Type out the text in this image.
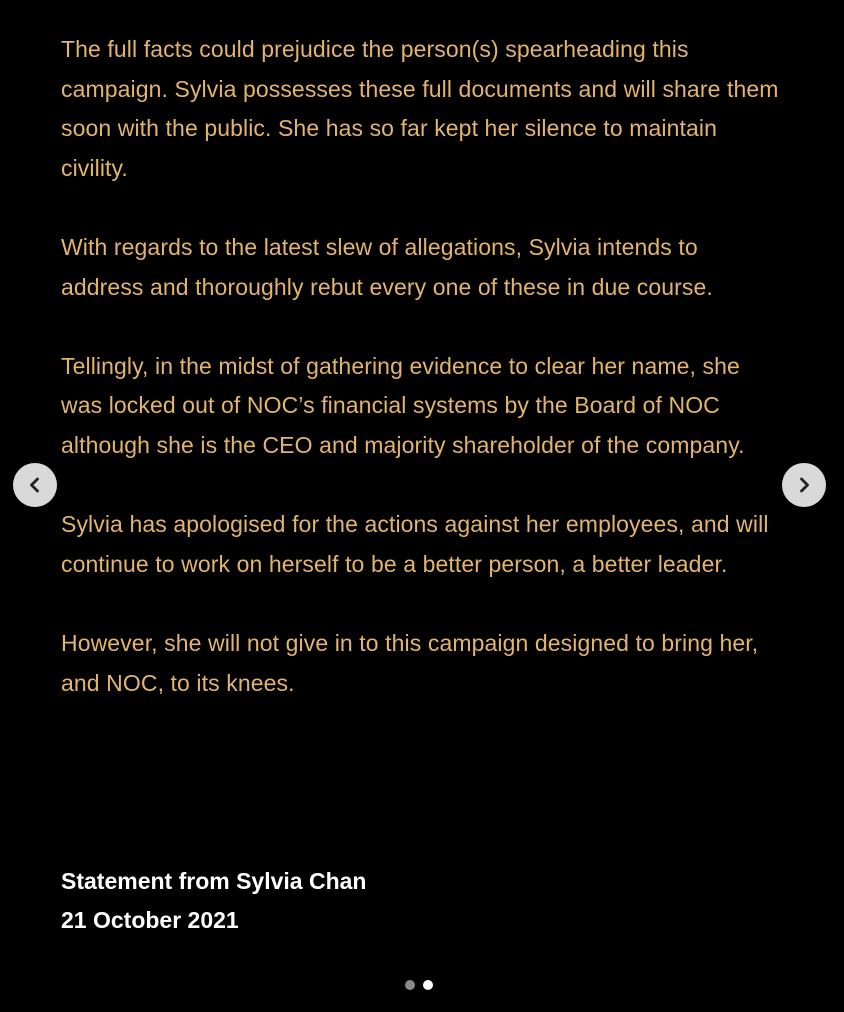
The full facts could prejudice the person(s) spearheading this campaign. Sylvia possesses these full documents and will share them soon with the public. She has so far kept her silence to maintain civility.

With regards to the latest slew of allegations, Sylvia intends to address and thoroughly rebut every one of these in due course.

Tellingly, in the midst of gathering evidence to clear her name, she was locked out of NOC’s financial systems by the Board of NOC although she is the CEO and majority shareholder of the company.

Sylvia has apologised for the actions against her employees, and will continue to work on herself to be a better person, a better leader.

However, she will not give in to this campaign designed to bring her, and NOC, to its knees.

Statement from Sylvia Chan
21 October 2021
